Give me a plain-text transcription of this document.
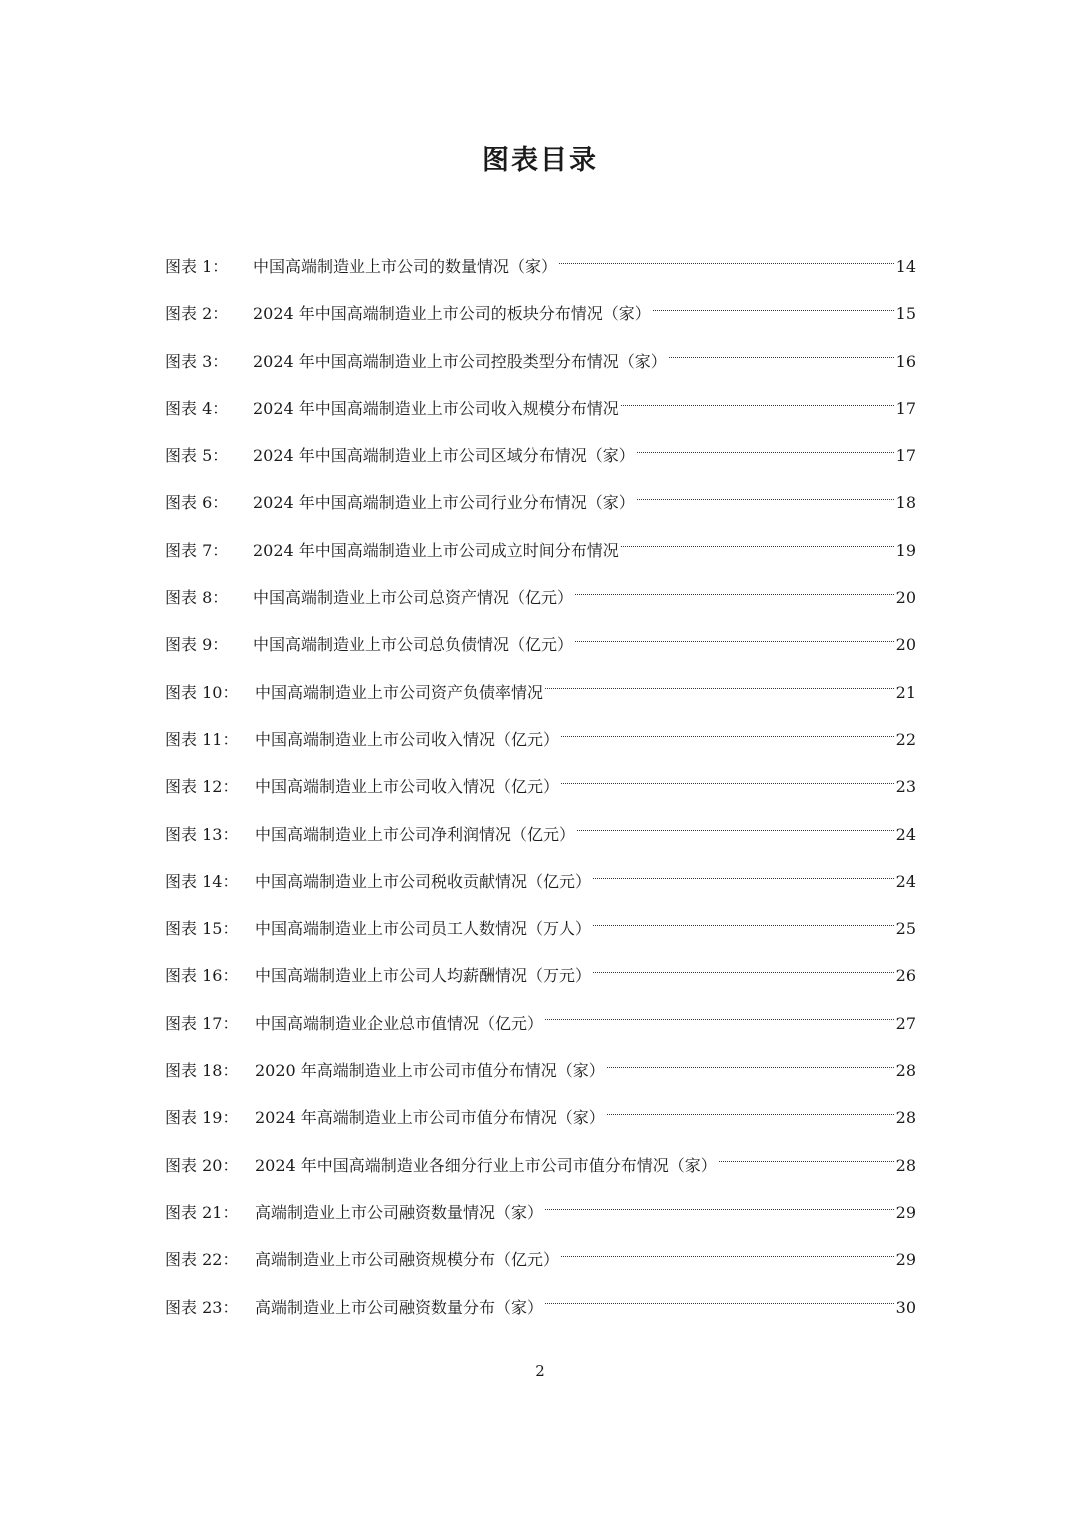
图表目录
图表 1：	中国高端制造业上市公司的数量情况（家）	14
图表 2：	2024 年中国高端制造业上市公司的板块分布情况（家）	15
图表 3：	2024 年中国高端制造业上市公司控股类型分布情况（家）	16
图表 4：	2024 年中国高端制造业上市公司收入规模分布情况	17
图表 5：	2024 年中国高端制造业上市公司区域分布情况（家）	17
图表 6：	2024 年中国高端制造业上市公司行业分布情况（家）	18
图表 7：	2024 年中国高端制造业上市公司成立时间分布情况	19
图表 8：	中国高端制造业上市公司总资产情况（亿元）	20
图表 9：	中国高端制造业上市公司总负债情况（亿元）	20
图表 10：	中国高端制造业上市公司资产负债率情况	21
图表 11：	中国高端制造业上市公司收入情况（亿元）	22
图表 12：	中国高端制造业上市公司收入情况（亿元）	23
图表 13：	中国高端制造业上市公司净利润情况（亿元）	24
图表 14：	中国高端制造业上市公司税收贡献情况（亿元）	24
图表 15：	中国高端制造业上市公司员工人数情况（万人）	25
图表 16：	中国高端制造业上市公司人均薪酬情况（万元）	26
图表 17：	中国高端制造业企业总市值情况（亿元）	27
图表 18：	2020 年高端制造业上市公司市值分布情况（家）	28
图表 19：	2024 年高端制造业上市公司市值分布情况（家）	28
图表 20：	2024 年中国高端制造业各细分行业上市公司市值分布情况（家）	28
图表 21：	高端制造业上市公司融资数量情况（家）	29
图表 22：	高端制造业上市公司融资规模分布（亿元）	29
图表 23：	高端制造业上市公司融资数量分布（家）	30
2
